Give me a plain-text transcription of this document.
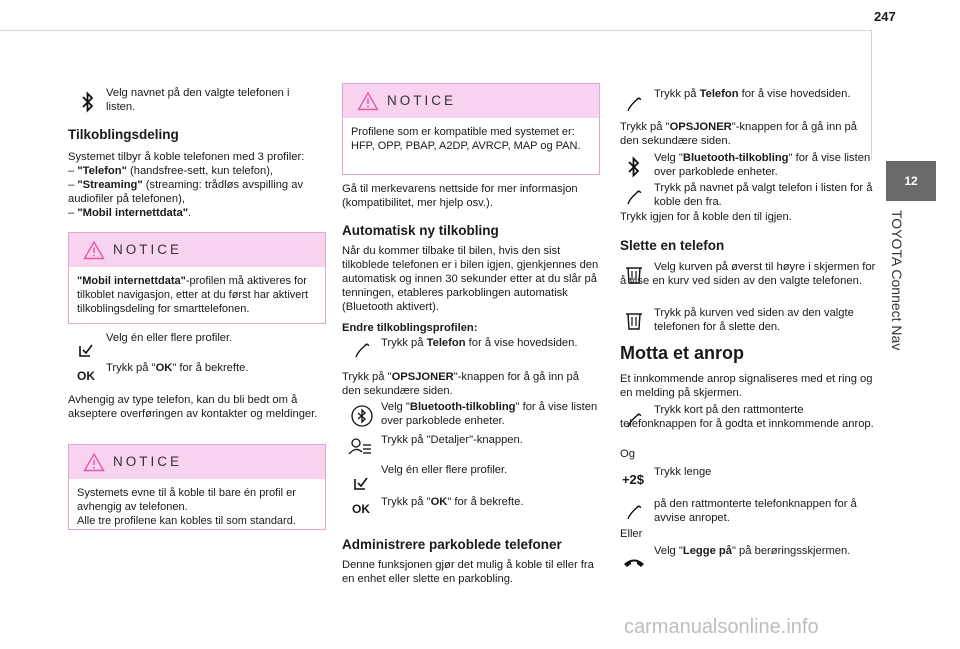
247
12
TOYOTA Connect Nav
Velg navnet på den valgte telefonen i listen.
Tilkoblingsdeling
Systemet tilbyr å koble telefonen med 3 profiler:
– "Telefon" (handsfree-sett, kun telefon),
– "Streaming" (streaming: trådløs avspilling av audiofiler på telefonen),
– "Mobil internettdata".
NOTICE
"Mobil internettdata"-profilen må aktiveres for tilkoblet navigasjon, etter at du først har aktivert tilkoblingsdeling for smarttelefonen.
Velg én eller flere profiler.
OK
Trykk på "OK" for å bekrefte.
Avhengig av type telefon, kan du bli bedt om å akseptere overføringen av kontakter og meldinger.
NOTICE
Systemets evne til å koble til bare én profil er avhengig av telefonen.
Alle tre profilene kan kobles til som standard.
NOTICE
Profilene som er kompatible med systemet er: HFP, OPP, PBAP, A2DP, AVRCP, MAP og PAN.
Gå til merkevarens nettside for mer informasjon (kompatibilitet, mer hjelp osv.).
Automatisk ny tilkobling
Når du kommer tilbake til bilen, hvis den sist tilkoblede telefonen er i bilen igjen, gjenkjennes den automatisk og innen 30 sekunder etter at du slår på tenningen, etableres parkoblingen automatisk (Bluetooth aktivert).
Endre tilkoblingsprofilen:
Trykk på Telefon for å vise hovedsiden.
Trykk på "OPSJONER"-knappen for å gå inn på den sekundære siden.
Velg "Bluetooth-tilkobling" for å vise listen over parkoblede enheter.
Trykk på "Detaljer"-knappen.
Velg én eller flere profiler.
OK Trykk på "OK" for å bekrefte.
Administrere parkoblede telefoner
Denne funksjonen gjør det mulig å koble til eller fra en enhet eller slette en parkobling.
Trykk på Telefon for å vise hovedsiden.
Trykk på "OPSJONER"-knappen for å gå inn på den sekundære siden.
Velg "Bluetooth-tilkobling" for å vise listen over parkoblede enheter.
Trykk på navnet på valgt telefon i listen for å koble den fra.
Trykk igjen for å koble den til igjen.
Slette en telefon
Velg kurven på øverst til høyre i skjermen for å vise en kurv ved siden av den valgte telefonen.
Trykk på kurven ved siden av den valgte telefonen for å slette den.
Motta et anrop
Et innkommende anrop signaliseres med et ring og en melding på skjermen.
Trykk kort på den rattmonterte telefonknappen for å godta et innkommende anrop.
Og
+2$ Trykk lenge
på den rattmonterte telefonknappen for å avvise anropet.
Eller
Velg "Legge på" på berøringsskjermen.
carmanualsonline.info
